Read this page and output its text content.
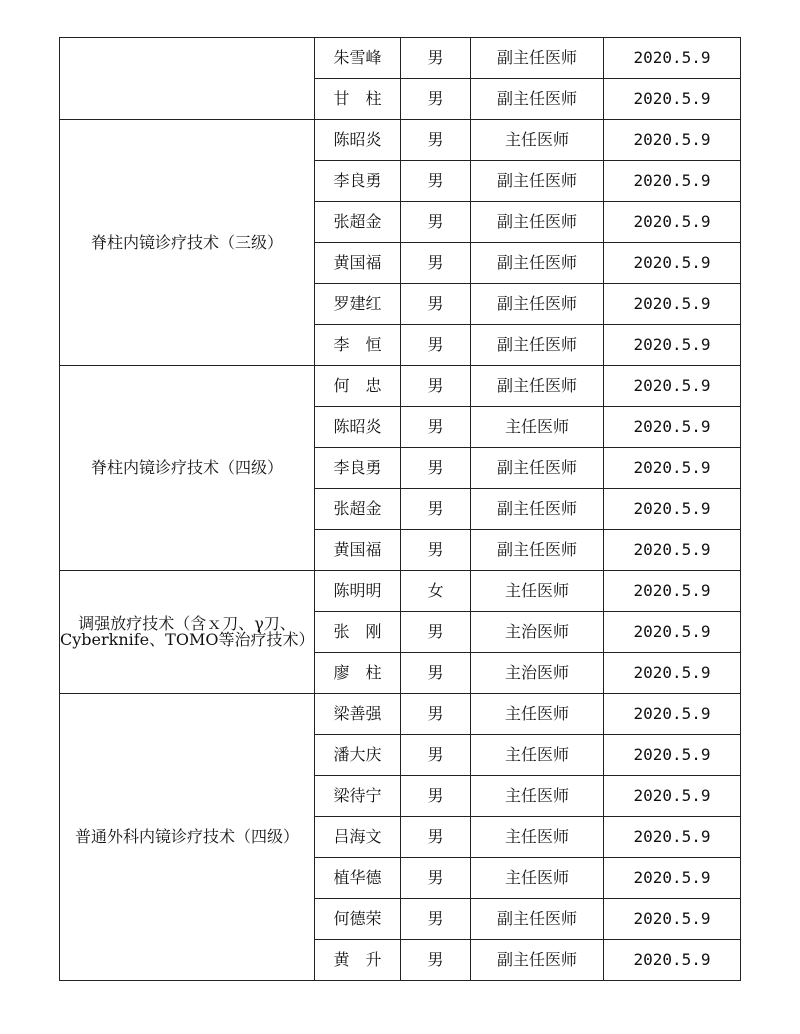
	朱雪峰	男	副主任医师	2020.5.9
	甘　柱	男	副主任医师	2020.5.9
脊柱内镜诊疗技术（三级）	陈昭炎	男	主任医师	2020.5.9
	李良勇	男	副主任医师	2020.5.9
	张超金	男	副主任医师	2020.5.9
	黄国福	男	副主任医师	2020.5.9
	罗建红	男	副主任医师	2020.5.9
	李　恒	男	副主任医师	2020.5.9
脊柱内镜诊疗技术（四级）	何　忠	男	副主任医师	2020.5.9
	陈昭炎	男	主任医师	2020.5.9
	李良勇	男	副主任医师	2020.5.9
	张超金	男	副主任医师	2020.5.9
	黄国福	男	副主任医师	2020.5.9
调强放疗技术（含ｘ刀、γ刀、Cyberknife、TOMO等治疗技术）	陈明明	女	主任医师	2020.5.9
	张　刚	男	主治医师	2020.5.9
	廖　柱	男	主治医师	2020.5.9
普通外科内镜诊疗技术（四级）	梁善强	男	主任医师	2020.5.9
	潘大庆	男	主任医师	2020.5.9
	梁待宁	男	主任医师	2020.5.9
	吕海文	男	主任医师	2020.5.9
	植华德	男	主任医师	2020.5.9
	何德荣	男	副主任医师	2020.5.9
	黄　升	男	副主任医师	2020.5.9
